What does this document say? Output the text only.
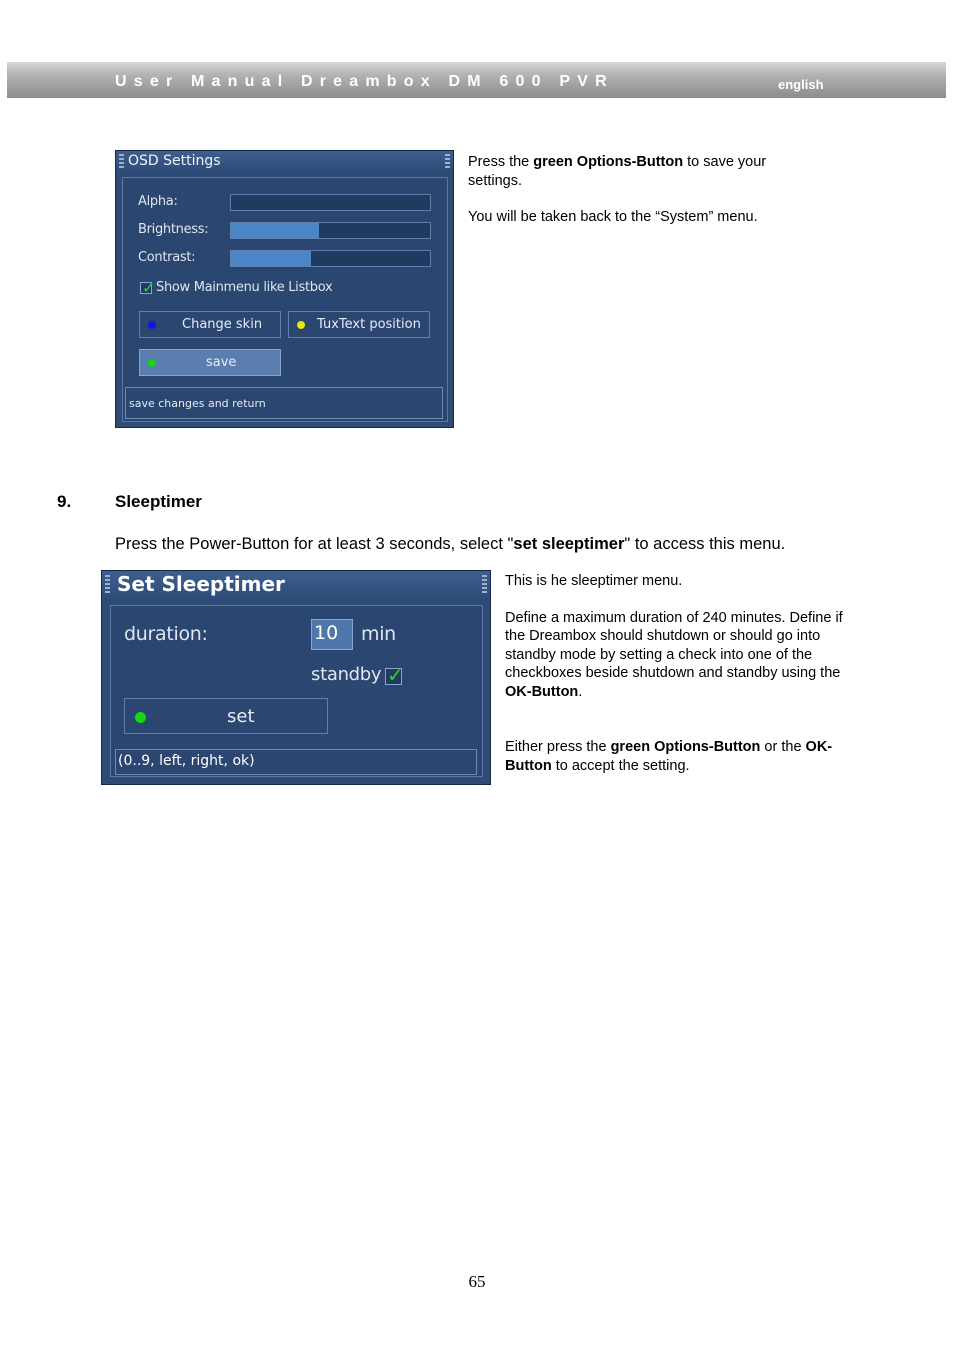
User Manual Dreambox DM 600 PVR	english
OSD Settings
Alpha:
Brightness:
Contrast:
✓ Show Mainmenu like Listbox
Change skin	TuxText position
save
save changes and return
Press the green Options-Button to save your settings.
You will be taken back to the “System” menu.
9.	Sleeptimer
Press the Power-Button for at least 3 seconds, select "set sleeptimer" to access this menu.
Set Sleeptimer
duration:	10 min
standby ✓
set
(0..9, left, right, ok)
This is he sleeptimer menu.
Define a maximum duration of 240 minutes. Define if the Dreambox should shutdown or should go into standby mode by setting a check into one of the checkboxes beside shutdown and standby using the OK-Button.
Either press the green Options-Button or the OK-Button to accept the setting.
65
